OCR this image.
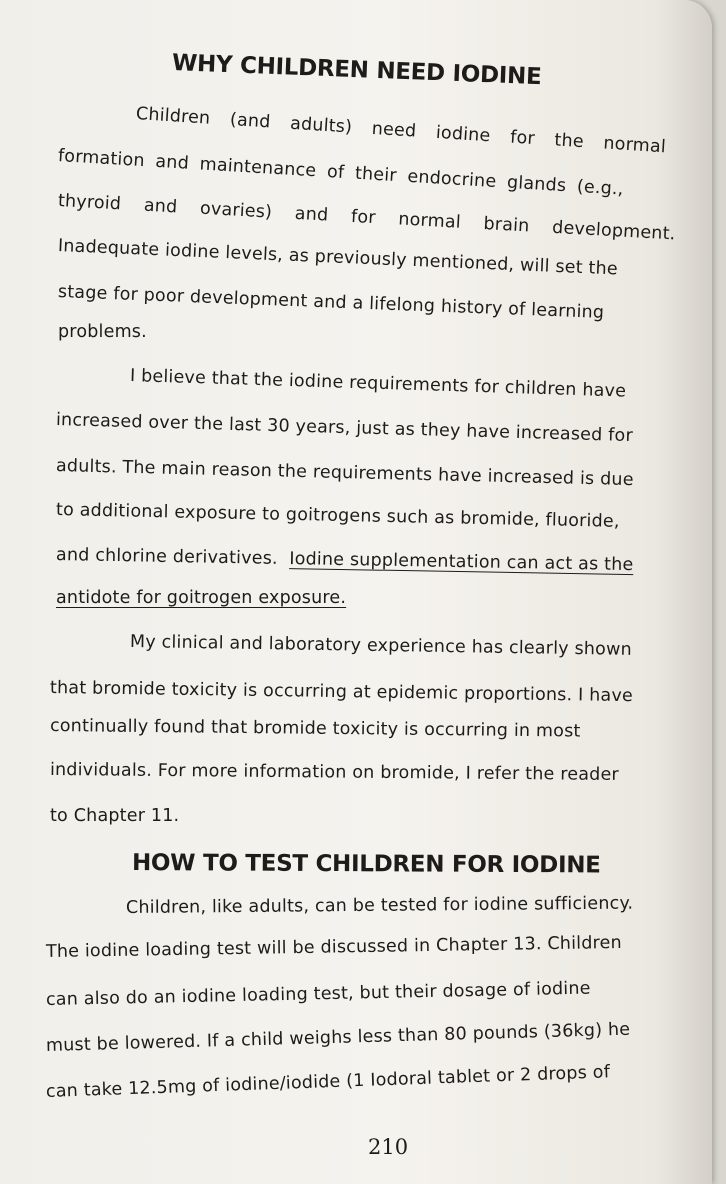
WHY CHILDREN NEED IODINE
Children (and adults) need iodine for the normal
formation and maintenance of their endocrine glands (e.g.,
thyroid and ovaries) and for normal brain development.
Inadequate iodine levels, as previously mentioned, will set the
stage for poor development and a lifelong history of learning
problems.
I believe that the iodine requirements for children have
increased over the last 30 years, just as they have increased for
adults. The main reason the requirements have increased is due
to additional exposure to goitrogens such as bromide, fluoride,
and chlorine derivatives. Iodine supplementation can act as the
antidote for goitrogen exposure.
My clinical and laboratory experience has clearly shown
that bromide toxicity is occurring at epidemic proportions. I have
continually found that bromide toxicity is occurring in most
individuals. For more information on bromide, I refer the reader
to Chapter 11.
HOW TO TEST CHILDREN FOR IODINE
Children, like adults, can be tested for iodine sufficiency.
The iodine loading test will be discussed in Chapter 13. Children
can also do an iodine loading test, but their dosage of iodine
must be lowered. If a child weighs less than 80 pounds (36kg) he
can take 12.5mg of iodine/iodide (1 Iodoral tablet or 2 drops of
210
